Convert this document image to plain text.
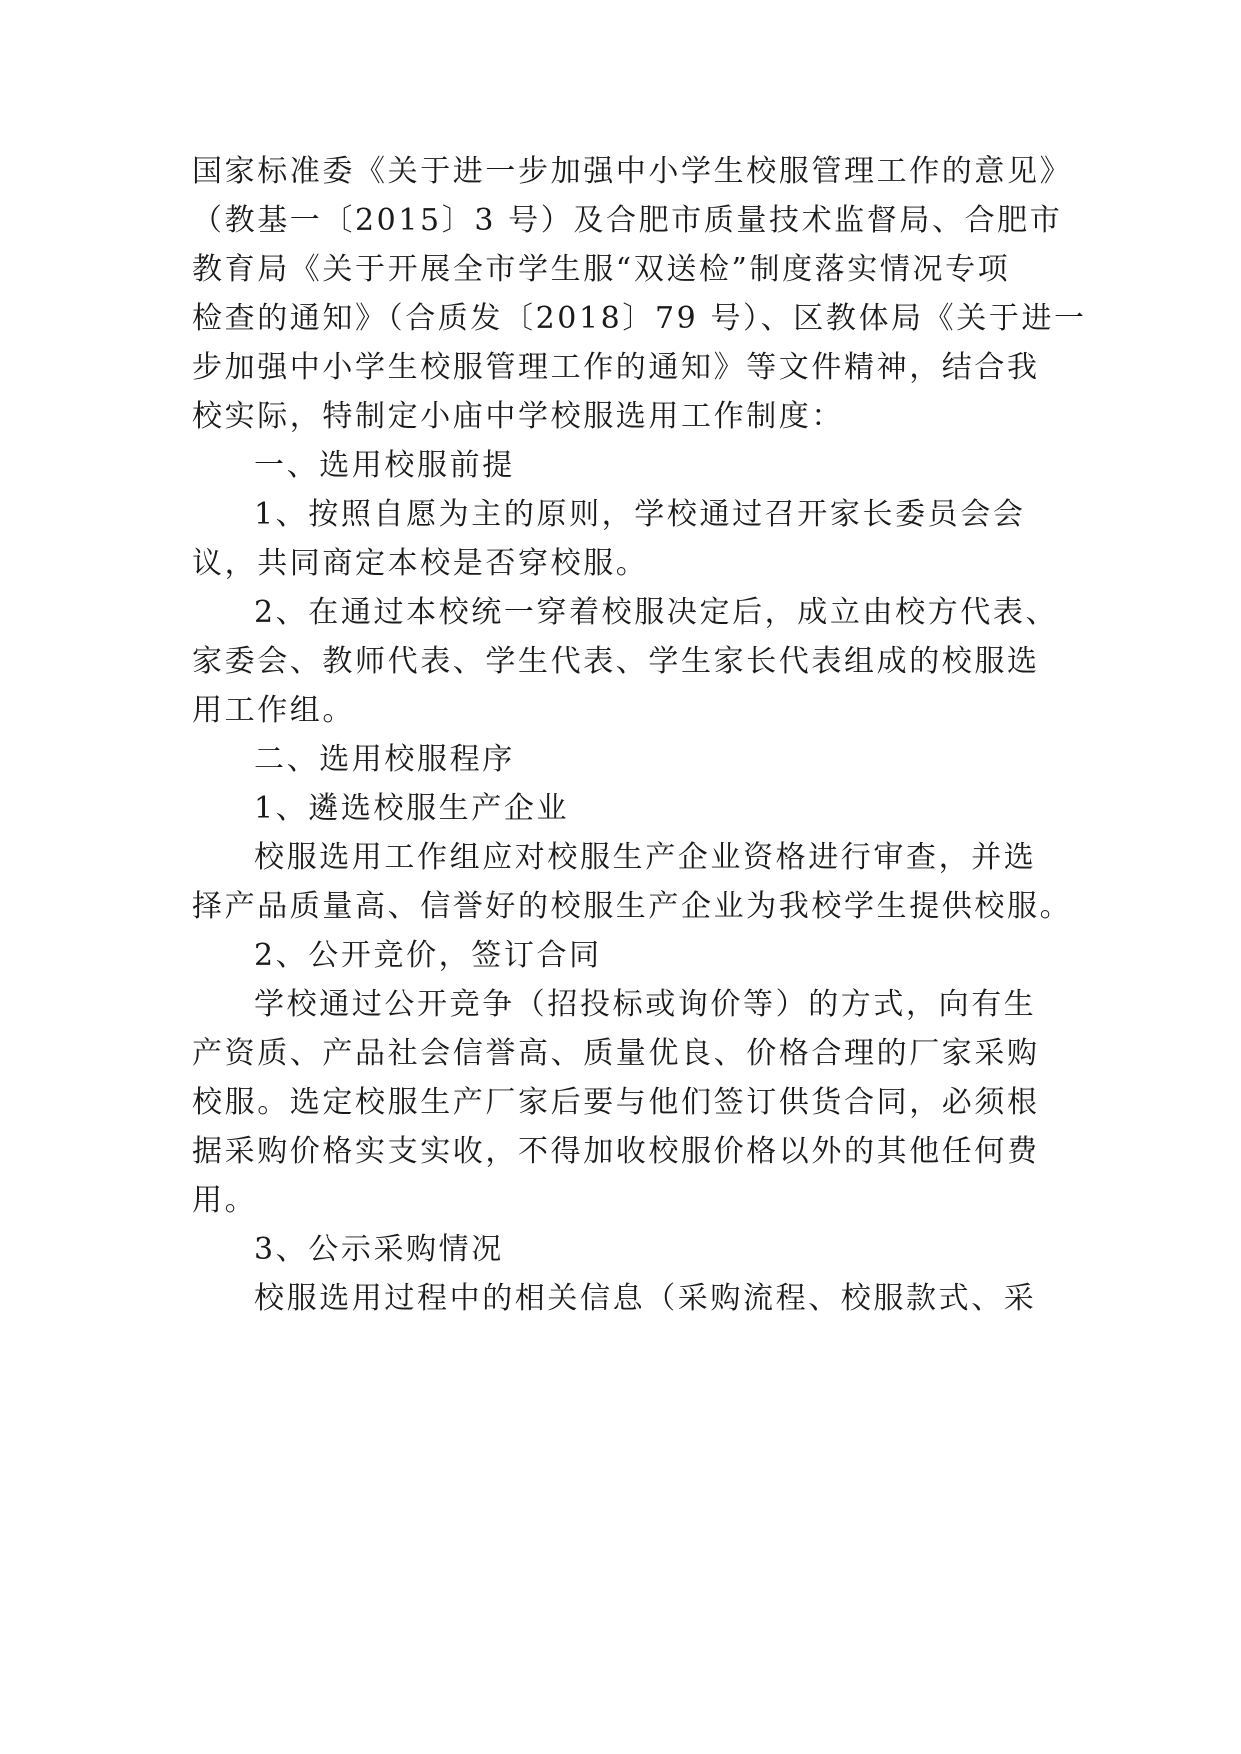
国家标准委《关于进一步加强中小学生校服管理工作的意见》
（教基一〔2015〕3 号）及合肥市质量技术监督局、合肥市
教育局《关于开展全市学生服“双送检”制度落实情况专项
检查的通知》（合质发〔2018〕79 号）、区教体局《关于进一
步加强中小学生校服管理工作的通知》等文件精神，结合我
校实际，特制定小庙中学校服选用工作制度：
一、选用校服前提
1、按照自愿为主的原则，学校通过召开家长委员会会
议，共同商定本校是否穿校服。
2、在通过本校统一穿着校服决定后，成立由校方代表、
家委会、教师代表、学生代表、学生家长代表组成的校服选
用工作组。
二、选用校服程序
1、遴选校服生产企业
校服选用工作组应对校服生产企业资格进行审查，并选
择产品质量高、信誉好的校服生产企业为我校学生提供校服。
2、公开竞价，签订合同
学校通过公开竞争（招投标或询价等）的方式，向有生
产资质、产品社会信誉高、质量优良、价格合理的厂家采购
校服。选定校服生产厂家后要与他们签订供货合同，必须根
据采购价格实支实收，不得加收校服价格以外的其他任何费
用。
3、公示采购情况
校服选用过程中的相关信息（采购流程、校服款式、采
